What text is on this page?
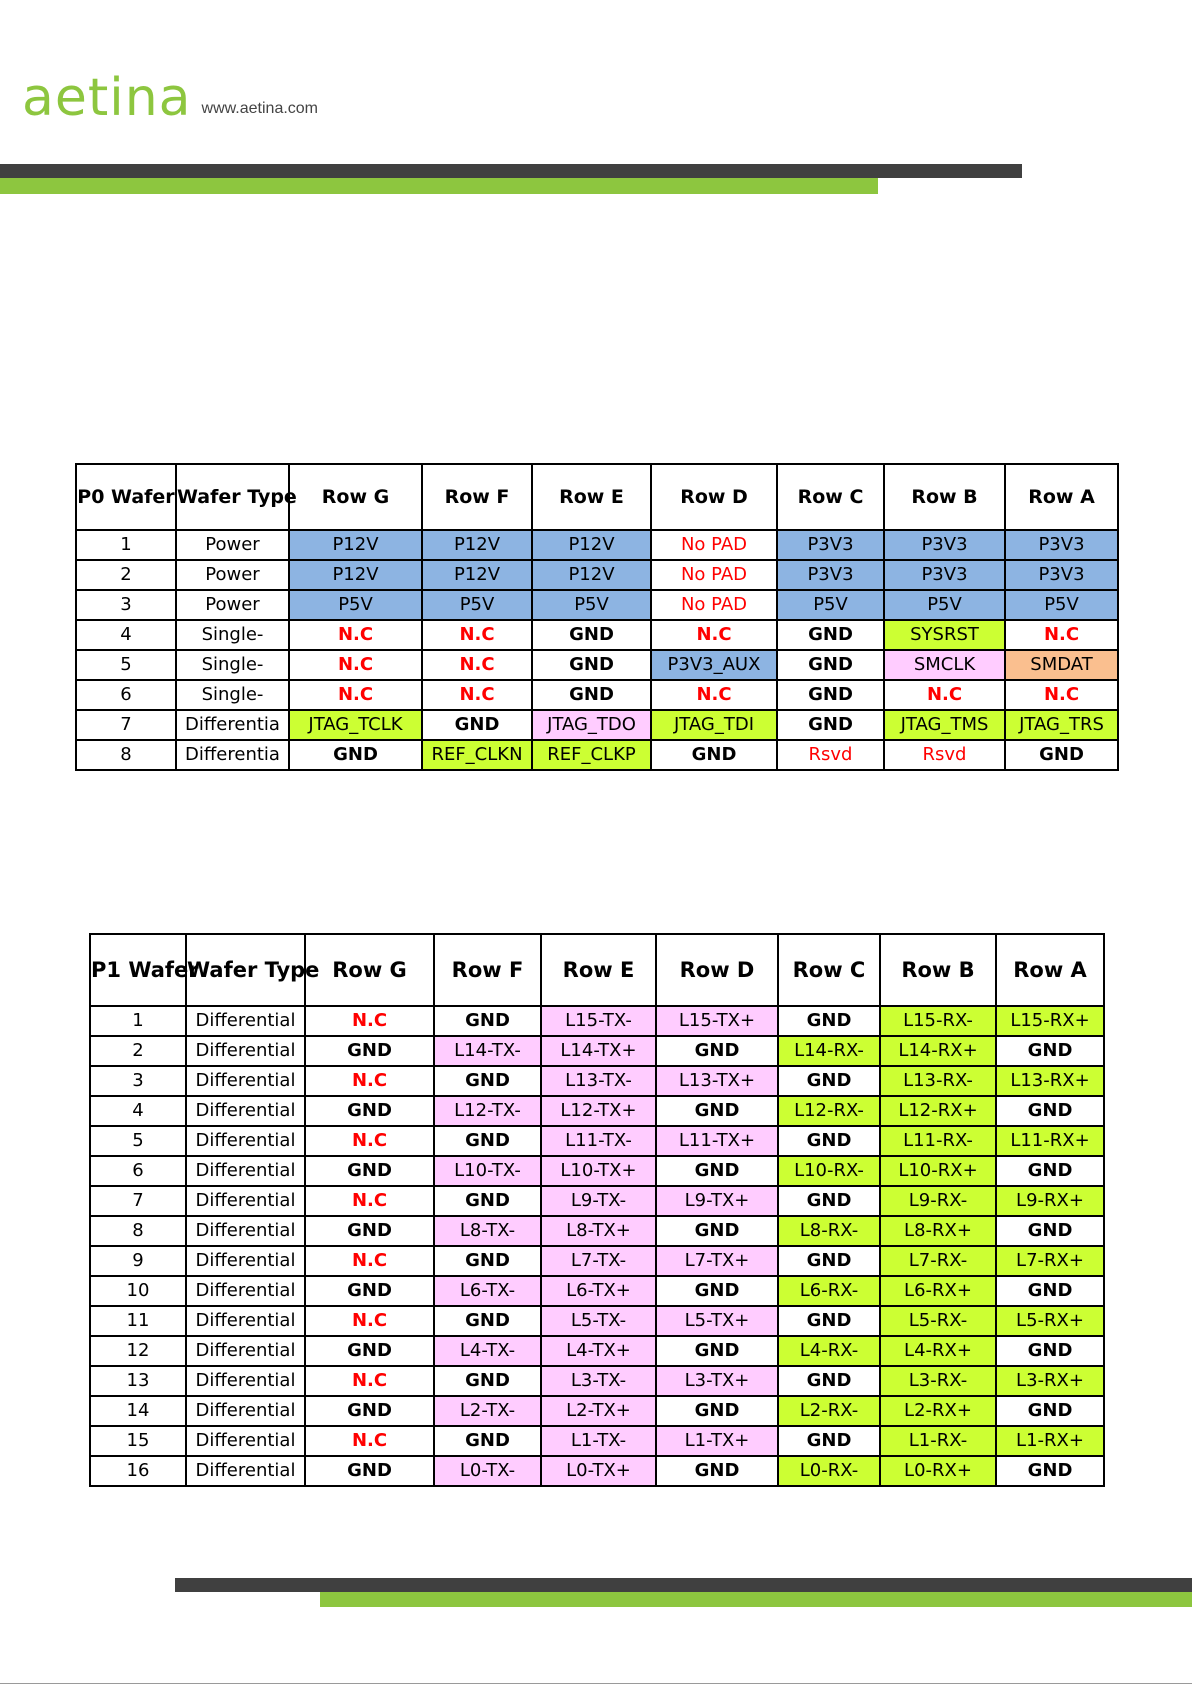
aetina www.aetina.com
P0 Wafer	Wafer Type	Row G	Row F	Row E	Row D	Row C	Row B	Row A
1	Power	P12V	P12V	P12V	No PAD	P3V3	P3V3	P3V3
2	Power	P12V	P12V	P12V	No PAD	P3V3	P3V3	P3V3
3	Power	P5V	P5V	P5V	No PAD	P5V	P5V	P5V
4	Single-	N.C	N.C	GND	N.C	GND	SYSRST	N.C
5	Single-	N.C	N.C	GND	P3V3_AUX	GND	SMCLK	SMDAT
6	Single-	N.C	N.C	GND	N.C	GND	N.C	N.C
7	Differentia	JTAG_TCLK	GND	JTAG_TDO	JTAG_TDI	GND	JTAG_TMS	JTAG_TRS
8	Differentia	GND	REF_CLKN	REF_CLKP	GND	Rsvd	Rsvd	GND
P1 Wafer	Wafer Type	Row G	Row F	Row E	Row D	Row C	Row B	Row A
1	Differential	N.C	GND	L15-TX-	L15-TX+	GND	L15-RX-	L15-RX+
2	Differential	GND	L14-TX-	L14-TX+	GND	L14-RX-	L14-RX+	GND
3	Differential	N.C	GND	L13-TX-	L13-TX+	GND	L13-RX-	L13-RX+
4	Differential	GND	L12-TX-	L12-TX+	GND	L12-RX-	L12-RX+	GND
5	Differential	N.C	GND	L11-TX-	L11-TX+	GND	L11-RX-	L11-RX+
6	Differential	GND	L10-TX-	L10-TX+	GND	L10-RX-	L10-RX+	GND
7	Differential	N.C	GND	L9-TX-	L9-TX+	GND	L9-RX-	L9-RX+
8	Differential	GND	L8-TX-	L8-TX+	GND	L8-RX-	L8-RX+	GND
9	Differential	N.C	GND	L7-TX-	L7-TX+	GND	L7-RX-	L7-RX+
10	Differential	GND	L6-TX-	L6-TX+	GND	L6-RX-	L6-RX+	GND
11	Differential	N.C	GND	L5-TX-	L5-TX+	GND	L5-RX-	L5-RX+
12	Differential	GND	L4-TX-	L4-TX+	GND	L4-RX-	L4-RX+	GND
13	Differential	N.C	GND	L3-TX-	L3-TX+	GND	L3-RX-	L3-RX+
14	Differential	GND	L2-TX-	L2-TX+	GND	L2-RX-	L2-RX+	GND
15	Differential	N.C	GND	L1-TX-	L1-TX+	GND	L1-RX-	L1-RX+
16	Differential	GND	L0-TX-	L0-TX+	GND	L0-RX-	L0-RX+	GND
